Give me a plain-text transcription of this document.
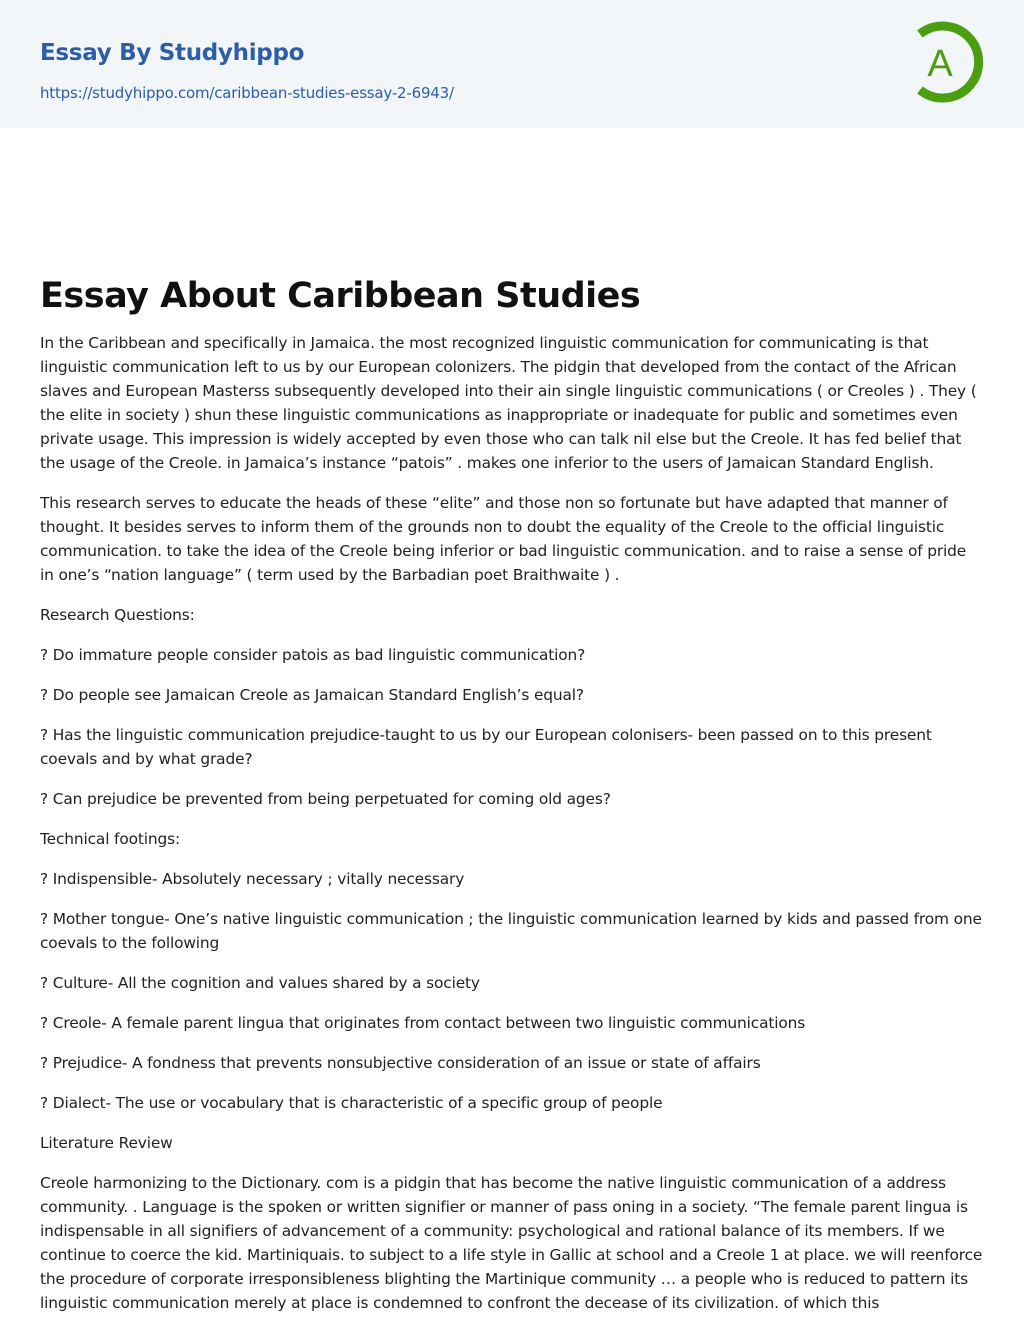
Essay By Studyhippo
https://studyhippo.com/caribbean-studies-essay-2-6943/
A
Essay About Caribbean Studies

In the Caribbean and specifically in Jamaica. the most recognized linguistic communication for communicating is that linguistic communication left to us by our European colonizers. The pidgin that developed from the contact of the African slaves and European Masterss subsequently developed into their ain single linguistic communications ( or Creoles ) . They ( the elite in society ) shun these linguistic communications as inappropriate or inadequate for public and sometimes even private usage. This impression is widely accepted by even those who can talk nil else but the Creole. It has fed belief that the usage of the Creole. in Jamaica’s instance “patois” . makes one inferior to the users of Jamaican Standard English.

This research serves to educate the heads of these “elite” and those non so fortunate but have adapted that manner of thought. It besides serves to inform them of the grounds non to doubt the equality of the Creole to the official linguistic communication. to take the idea of the Creole being inferior or bad linguistic communication. and to raise a sense of pride in one’s “nation language” ( term used by the Barbadian poet Braithwaite ) .

Research Questions:

? Do immature people consider patois as bad linguistic communication?

? Do people see Jamaican Creole as Jamaican Standard English’s equal?

? Has the linguistic communication prejudice-taught to us by our European colonisers- been passed on to this present coevals and by what grade?

? Can prejudice be prevented from being perpetuated for coming old ages?

Technical footings:

? Indispensible- Absolutely necessary ; vitally necessary

? Mother tongue- One’s native linguistic communication ; the linguistic communication learned by kids and passed from one coevals to the following

? Culture- All the cognition and values shared by a society

? Creole- A female parent lingua that originates from contact between two linguistic communications

? Prejudice- A fondness that prevents nonsubjective consideration of an issue or state of affairs

? Dialect- The use or vocabulary that is characteristic of a specific group of people

Literature Review

Creole harmonizing to the Dictionary. com is a pidgin that has become the native linguistic communication of a address community. . Language is the spoken or written signifier or manner of pass oning in a society. “The female parent lingua is indispensable in all signifiers of advancement of a community: psychological and rational balance of its members. If we continue to coerce the kid. Martiniquais. to subject to a life style in Gallic at school and a Creole 1 at place. we will reenforce the procedure of corporate irresponsibleness blighting the Martinique community … a people who is reduced to pattern its linguistic communication merely at place is condemned to confront the decease of its civilization. of which this
